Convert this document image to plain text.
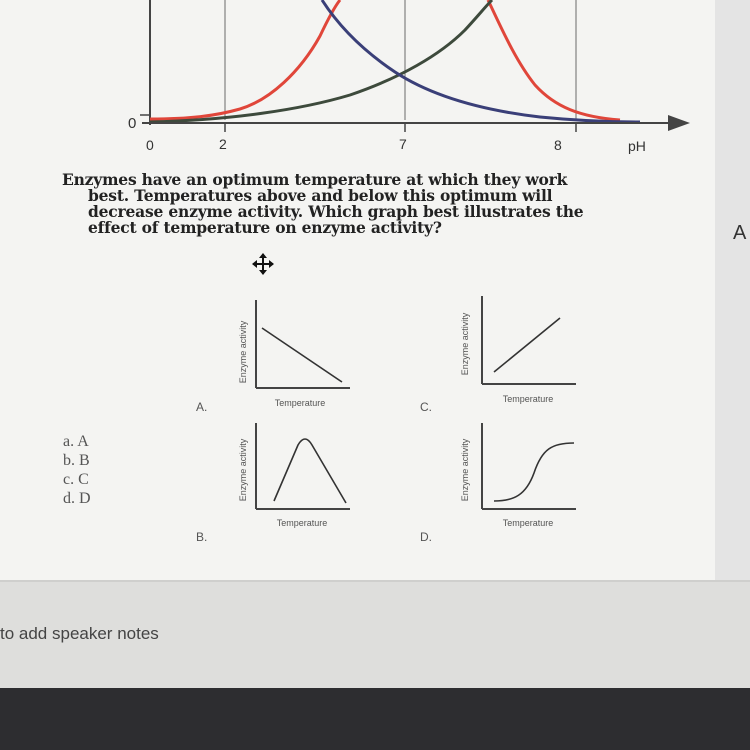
A
0
0	2	7	8	pH
Enzymes have an optimum temperature at which they work
best. Temperatures above and below this optimum will
decrease enzyme activity. Which graph best illustrates the
effect of temperature on enzyme activity?
Enzyme activity
Temperature
A.
Enzyme activity
Temperature
C.
Enzyme activity
Temperature
B.
Enzyme activity
Temperature
D.
a. A
b. B
c. C
d. D
to add speaker notes
